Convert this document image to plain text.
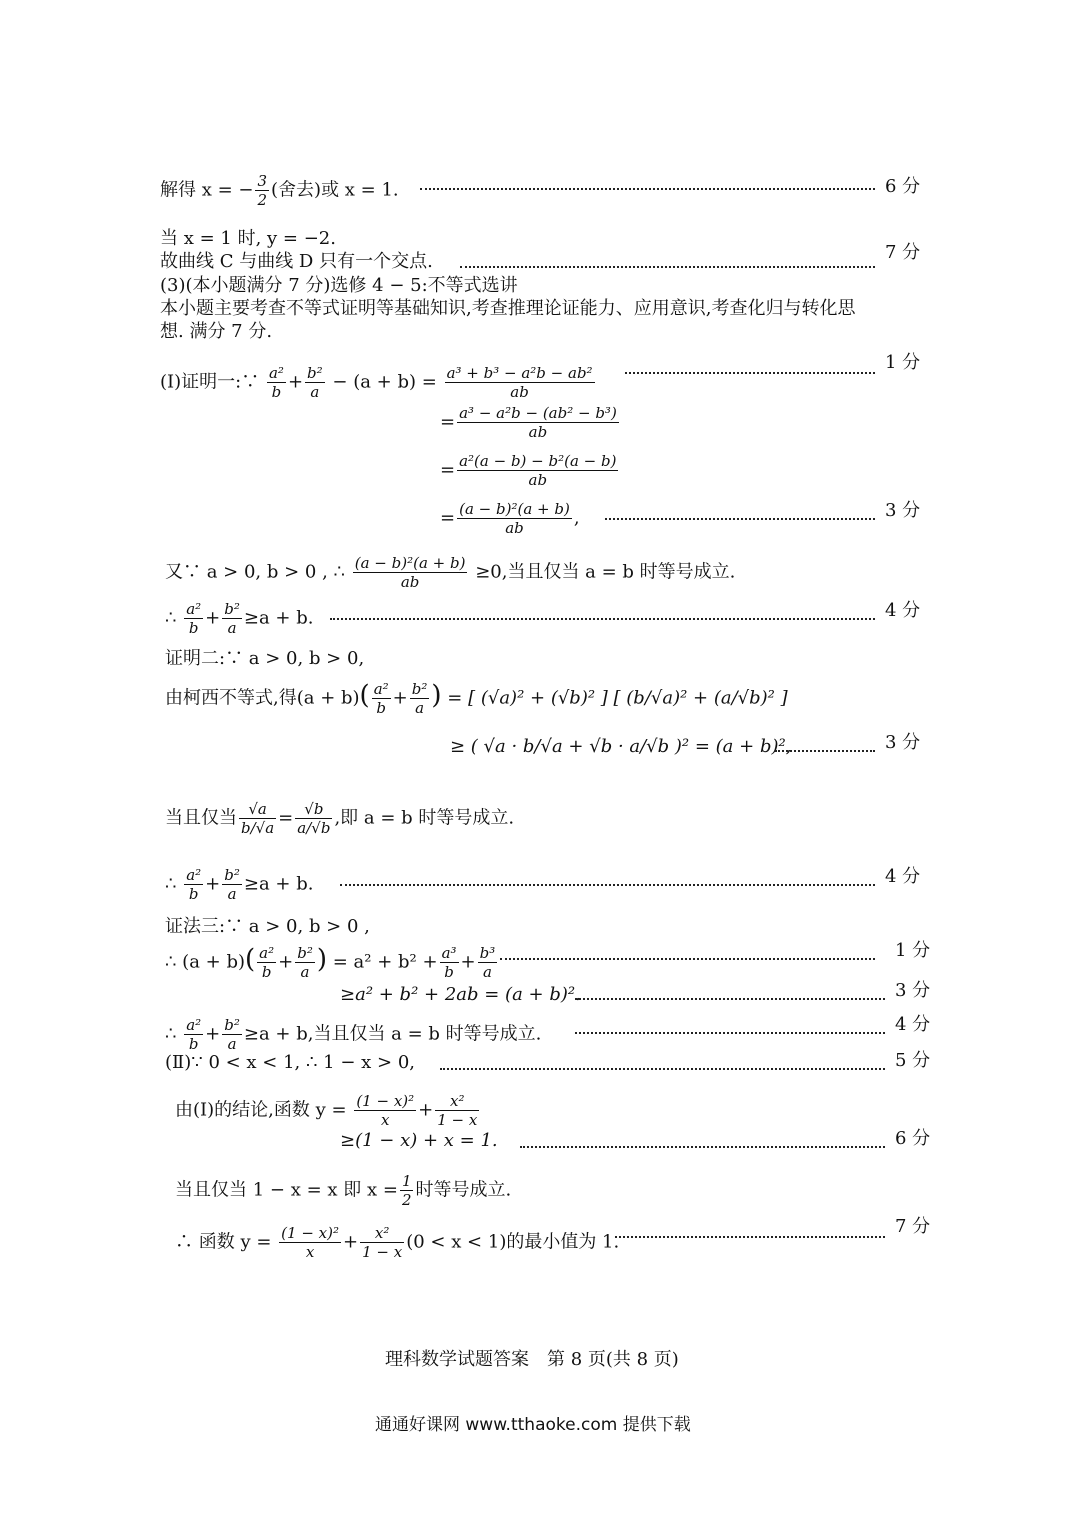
解得 x = − $\frac{3}{2}$ (舍去)或 x = 1.	6 分
当 x = 1 时, y = −2.
故曲线 C 与曲线 D 只有一个交点.	7 分
(3)(本小题满分 7 分)选修 4 − 5:不等式选讲
本小题主要考查不等式证明等基础知识,考查推理论证能力、应用意识,考查化归与转化思
想. 满分 7 分.
(Ⅰ)证明一:∵ $\frac{\text{a²}}{b} + \frac{\text{b²}}{a} - (a + b) = \frac{\text{a³ + b³ − a²b − ab²}}{ab}$
1 分
= $\frac{\text{a³ − a²b − (ab² − b³)}}{ab}$
= $\frac{\text{a²(a − b) − b²(a − b)}}{ab}$
= $\frac{\text{(a − b)²(a + b)}}{ab}$ ,	3 分
又∵ a > 0, b > 0 , ∴ $\frac{\text{(a − b)²(a + b)}}{ab} \ge 0$,当且仅当 a = b 时等号成立.
∴ $\frac{\text{a²}}{b} + \frac{\text{b²}}{a} \ge a + b$.	4 分
证明二:∵ a > 0, b > 0,
由柯西不等式,得$(a + b)( \frac{\text{a²}}{b} + \frac{\text{b²}}{a}$ ) = [ (√a)² + (√b)² ] [ (b/√a)² + (a/√b)² ]
≥ ( √a · b/√a + √b · a/√b )² = (a + b)²,	3 分
当且仅当 $\frac{√a}{b/√a} = \frac{√b}{a/√b}$ ,即 a = b 时等号成立.
∴ $\frac{\text{a²}}{b} + \frac{\text{b²}}{a} \ge a + b$.	4 分
证法三:∵ a > 0, b > 0 ,
∴ $(a + b)( \frac{\text{a²}}{b} + \frac{\text{b²}}{a}$ ) = $a^2 + b^2 + \frac{\text{a³}}{b} + \frac{\text{b³}}{a}$	1 分
≥a² + b² + 2ab = (a + b)².	3 分
∴ $\frac{\text{a²}}{b} + \frac{\text{b²}}{a} \ge a + b$,当且仅当 a = b 时等号成立.	4 分
(Ⅱ)∵ 0 < x < 1, ∴ 1 − x > 0,	5 分
由(Ⅰ)的结论,函数 $y = \frac{\text{(1 − x)²}}{x} + \frac{\text{x²}}{1 - x}$
≥(1 − x) + x = 1.	6 分
当且仅当 1 − x = x 即 $x = \frac{1}{2}$ 时等号成立.
∴ 函数 $y = \frac{\text{(1 − x)²}}{x} + \frac{\text{x²}}{1 - x} (0 < x < 1)$的最小值为 1.
7 分
理科数学试题答案　第 8 页(共 8 页)
通通好课网 www.tthaoke.com 提供下载
